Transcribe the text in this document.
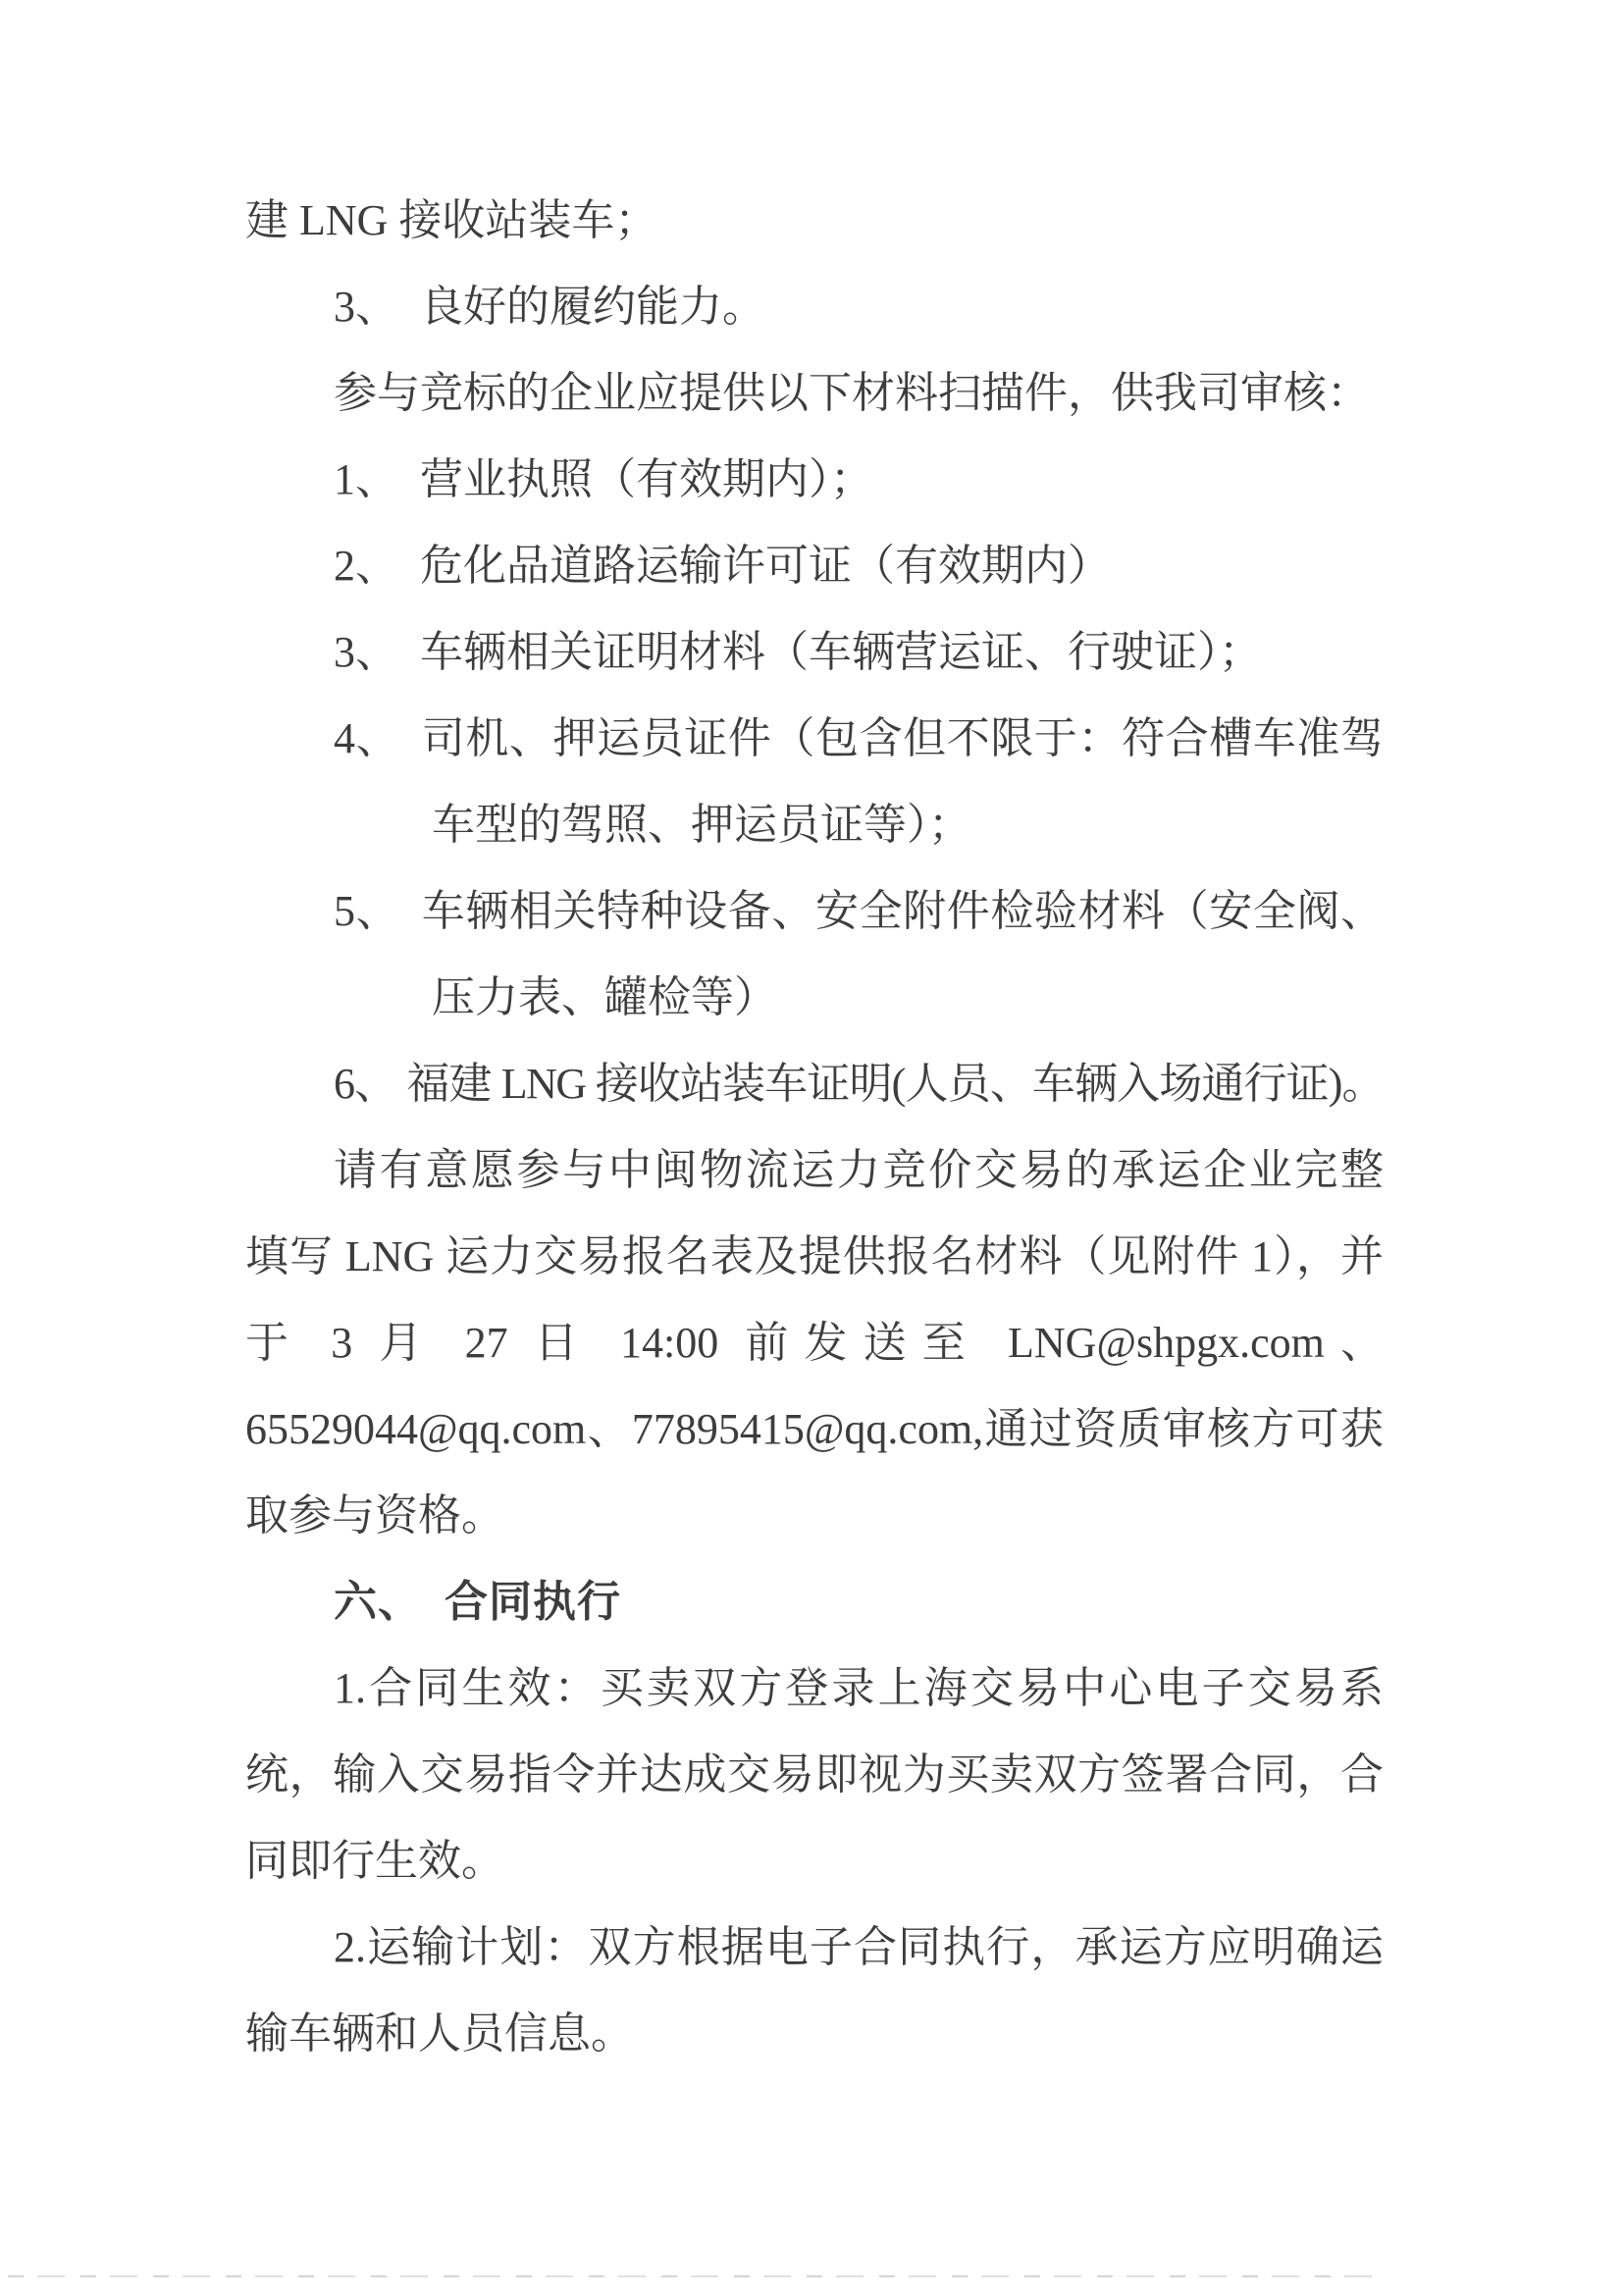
建 LNG 接收站装车；
3、　良好的履约能力。
参与竞标的企业应提供以下材料扫描件，供我司审核：
1、　营业执照（有效期内）；
2、　危化品道路运输许可证（有效期内）
3、　车辆相关证明材料（车辆营运证、行驶证）；
4、　司机、押运员证件（包含但不限于：符合槽车准驾
车型的驾照、押运员证等）；
5、　车辆相关特种设备、安全附件检验材料（安全阀、
压力表、罐检等）
6、 福建 LNG 接收站装车证明(人员、车辆入场通行证)。
请有意愿参与中闽物流运力竞价交易的承运企业完整
填写 LNG 运力交易报名表及提供报名材料（见附件 1），并
于 3 月 27 日 14:00 前发送至 LNG@shpgx.com、
65529044@qq.com、77895415@qq.com,通过资质审核方可获
取参与资格。
六、　合同执行
1.合同生效：买卖双方登录上海交易中心电子交易系
统，输入交易指令并达成交易即视为买卖双方签署合同，合
同即行生效。
2.运输计划：双方根据电子合同执行，承运方应明确运
输车辆和人员信息。
